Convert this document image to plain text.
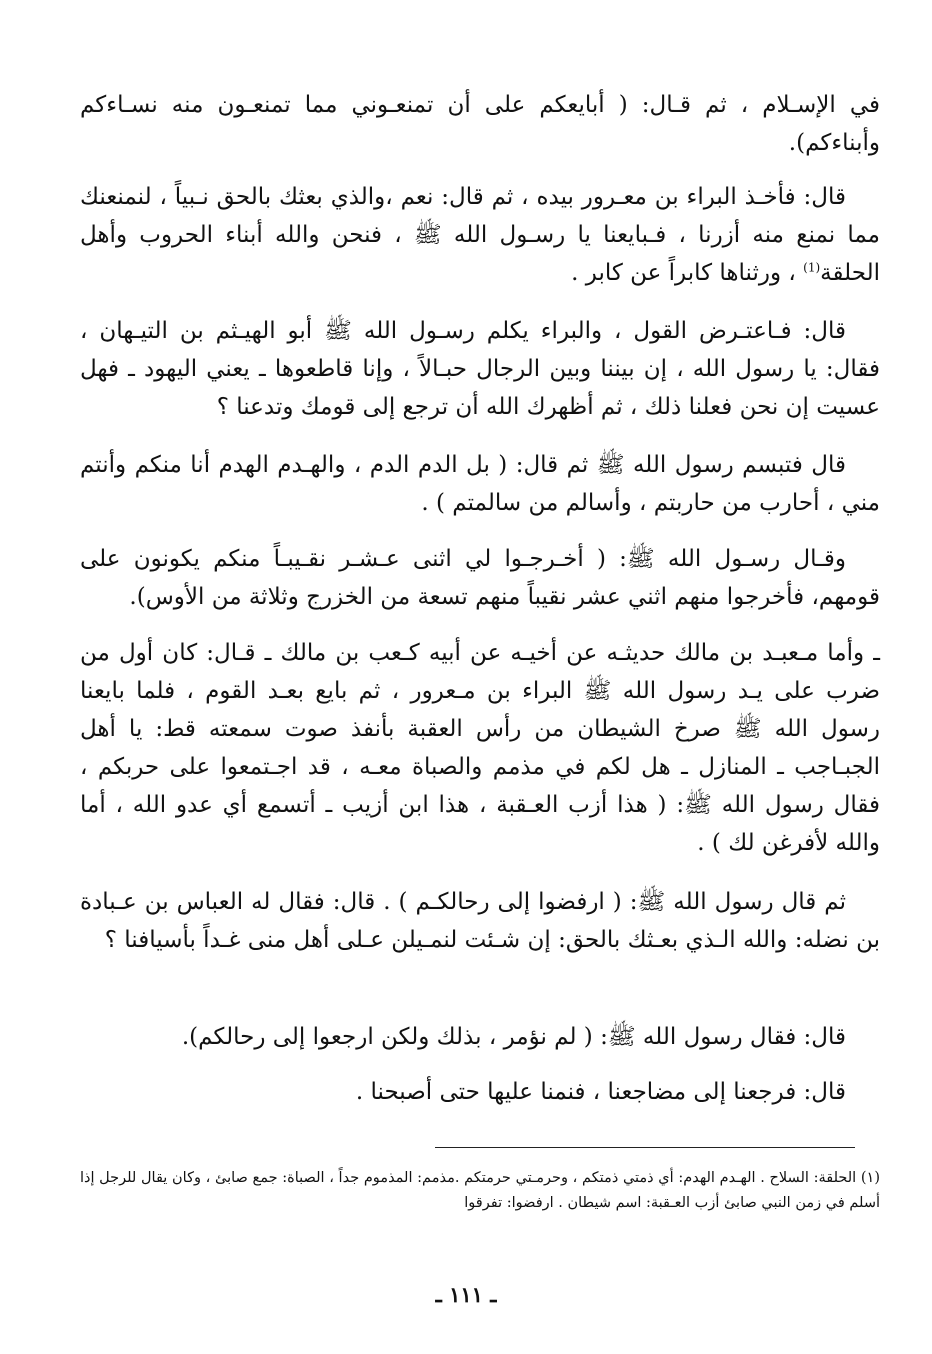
في الإسـلام ، ثم قـال: ( أبايعكم على أن تمنعـوني مما تمنعـون منه نسـاءكم وأبناءكم).

قال: فأخـذ البراء بن معـرور بيده ، ثم قال: نعم ،والذي بعثك بالحق نـبياً ، لنمنعنك مما نمنع منه أزرنا ، فـبايعنا يا رسـول الله ﷺ ، فنحن والله أبناء الحروب وأهل الحلقة$^{(1)}$ ، ورثناها كابراً عن كابر .

قال: فـاعتـرض القول ، والبراء يكلم رسـول الله ﷺ أبو الهيـثم بن التيـهان ، فقال: يا رسول الله ، إن بيننا وبين الرجال حبـالاً ، وإنا قاطعوها ـ يعني اليهود ـ فهل عسيت إن نحن فعلنا ذلك ، ثم أظهرك الله أن ترجع إلى قومك وتدعنا ؟

قال فتبسم رسول الله ﷺ ثم قال: ( بل الدم الدم ، والهـدم الهدم أنا منكم وأنتم مني ، أحارب من حاربتم ، وأسالم من سالمتم ) .

وقـال رسـول الله ﷺ: ( أخـرجـوا لي اثنى عـشـر نقـيبـاً منكم يكونون على قومهم، فأخرجوا منهم اثني عشر نقيباً منهم تسعة من الخزرج وثلاثة من الأوس).

ـ وأما مـعبـد بن مالك حديثـه عن أخيـه عن أبيه كـعب بن مالك ـ قـال: كان أول من ضرب على يـد رسول الله ﷺ البراء بن مـعرور ، ثم بايع بعـد القوم ، فلما بايعنا رسول الله ﷺ صرخ الشيطان من رأس العقبة بأنفذ صوت سمعته قط: يا أهل الجبـاجب ـ المنازل ـ هل لكم في مذمم والصباة معـه ، قد اجـتمعوا على حربكم ، فقال رسول الله ﷺ: ( هذا أزب العـقبة ، هذا ابن أزيب ـ أتسمع أي عدو الله ، أما والله لأفرغن لك ) .

ثم قال رسول الله ﷺ: ( ارفضوا إلى رحالكـم ) . قال: فقال له العباس بن عـبادة بن نضله: والله الـذي بعـثك بالحق: إن شـئت لنمـيلن عـلى أهل منى غـداً بأسيافنا ؟

قال: فقال رسول الله ﷺ: ( لم نؤمر ، بذلك ولكن ارجعوا إلى رحالكم).

قال: فرجعنا إلى مضاجعنا ، فنمنا عليها حتى أصبحنا .

(١) الحلقة: السلاح . الهـدم الهدم: أي ذمتي ذمتكم ، وحرمـتي حرمتكم .مذمم: المذموم جداً ، الصباة: جمع صابئ ، وكان يقال للرجل إذا أسلم في زمن النبي صابئ أزب العـقبة: اسم شيطان . ارفضوا: تفرقوا

ـ ١١١ ـ
